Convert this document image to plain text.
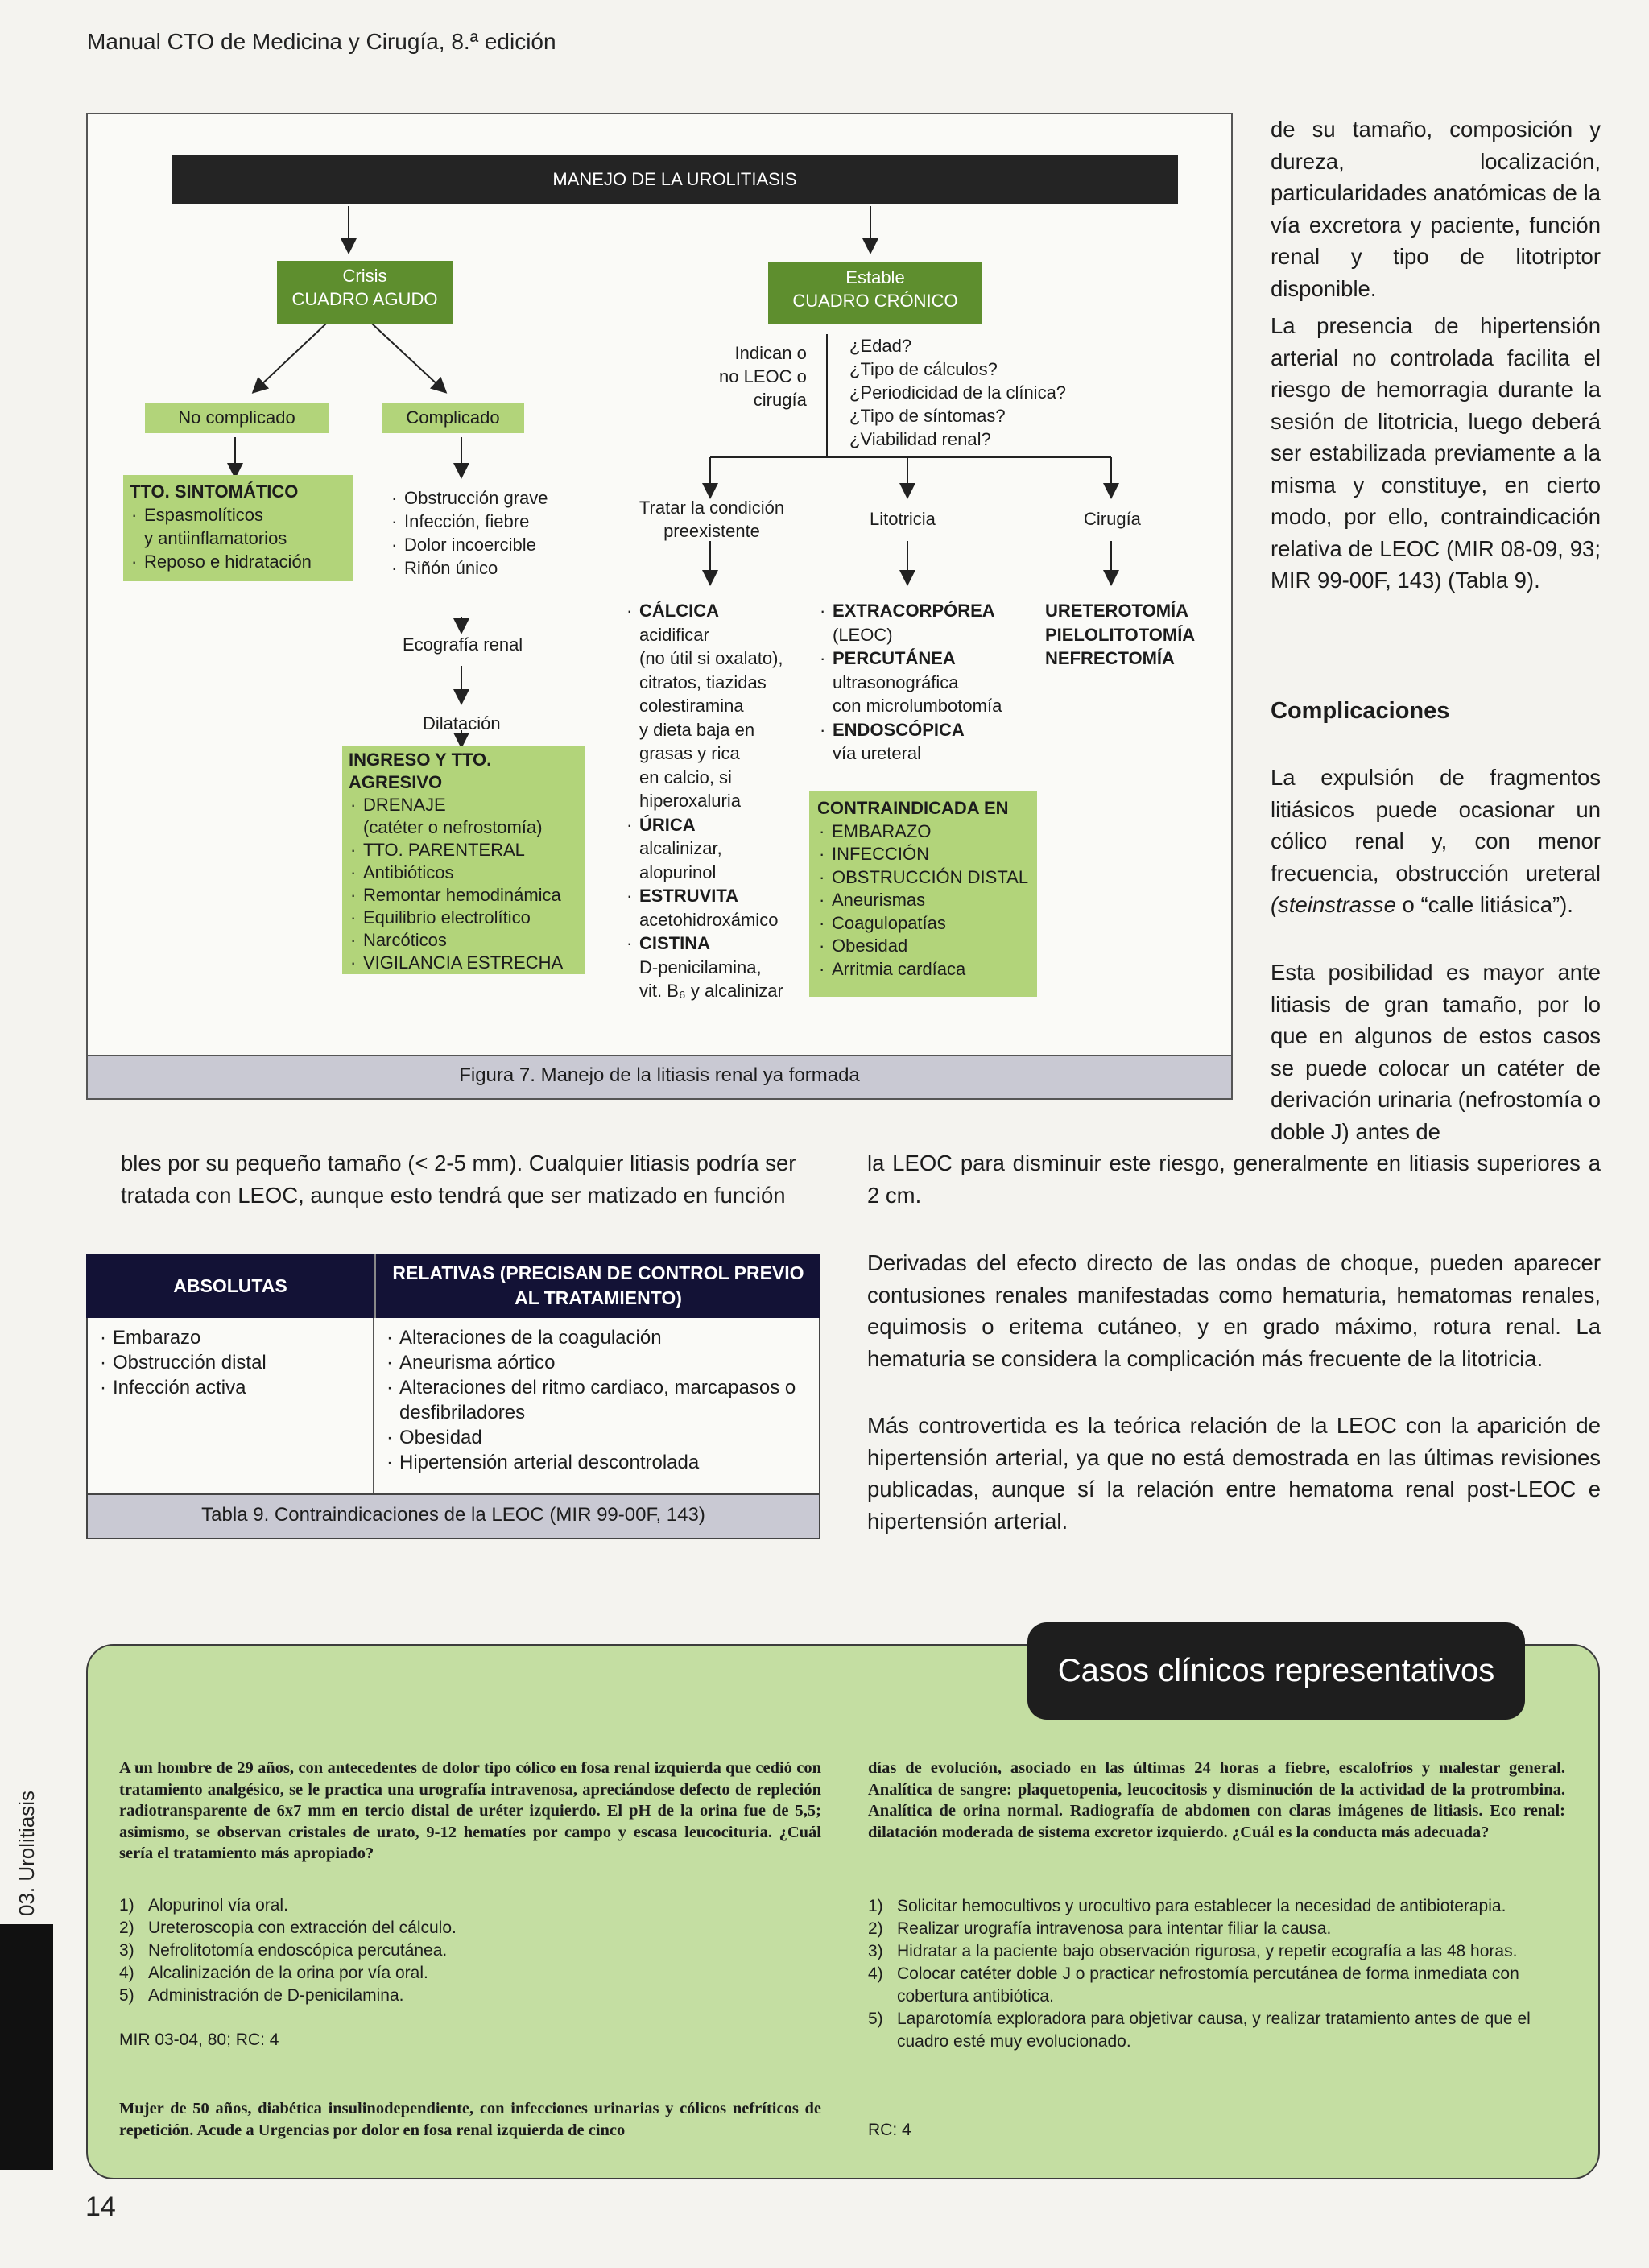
Manual CTO de Medicina y Cirugía, 8.ª edición
MANEJO DE LA UROLITIASIS
Crisis
CUADRO AGUDO
Estable
CUADRO CRÓNICO
No complicado	Complicado
TTO. SINTOMÁTICO
· Espasmolíticos
y antiinflamatorios
· Reposo e hidratación
· Obstrucción grave
· Infección, fiebre
· Dolor incoercible
· Riñón único
Ecografía renal
Dilatación
INGRESO Y TTO. AGRESIVO
· DRENAJE
(catéter o nefrostomía)
· TTO. PARENTERAL
· Antibióticos
· Remontar hemodinámica
· Equilibrio electrolítico
· Narcóticos
· VIGILANCIA ESTRECHA
Indican o
no LEOC o
cirugía
¿Edad?
¿Tipo de cálculos?
¿Periodicidad de la clínica?
¿Tipo de síntomas?
¿Viabilidad renal?
Tratar la condición
preexistente
Litotricia	Cirugía
· CÁLCICA
acidificar
(no útil si oxalato),
citratos, tiazidas
colestiramina
y dieta baja en
grasas y rica
en calcio, si
hiperoxaluria
· ÚRICA
alcalinizar,
alopurinol
· ESTRUVITA
acetohidroxámico
· CISTINA
D-penicilamina,
vit. B₆ y alcalinizar
· EXTRACORPÓREA
(LEOC)
· PERCUTÁNEA
ultrasonográfica
con microlumbotomía
· ENDOSCÓPICA
vía ureteral
URETEROTOMÍA
PIELOLITOTOMÍA
NEFRECTOMÍA
CONTRAINDICADA EN
· EMBARAZO
· INFECCIÓN
· OBSTRUCCIÓN DISTAL
· Aneurismas
· Coagulopatías
· Obesidad
· Arritmia cardíaca
Figura 7. Manejo de la litiasis renal ya formada
bles por su pequeño tamaño (< 2-5 mm). Cualquier litiasis podría ser
tratada con LEOC, aunque esto tendrá que ser matizado en función
ABSOLUTAS
RELATIVAS (PRECISAN DE CONTROL PREVIO AL TRATAMIENTO)
· Embarazo
· Obstrucción distal
· Infección activa
· Alteraciones de la coagulación
· Aneurisma aórtico
· Alteraciones del ritmo cardiaco, marcapasos o desfibriladores
· Obesidad
· Hipertensión arterial descontrolada
Tabla 9. Contraindicaciones de la LEOC (MIR 99-00F, 143)
de su tamaño, composición y dureza, localización, particularidades anatómicas de la vía excretora y paciente, función renal y tipo de litotriptor disponible.
La presencia de hipertensión arterial no controlada facilita el riesgo de hemorragia durante la sesión de litotricia, luego deberá ser estabilizada previamente a la misma y constituye, en cierto modo, por ello, contraindicación relativa de LEOC (MIR 08-09, 93; MIR 99-00F, 143) (Tabla 9).
Complicaciones
La expulsión de fragmentos litiásicos puede ocasionar un cólico renal y, con menor frecuencia, obstrucción ureteral (steinstrasse o “calle litiásica”).
Esta posibilidad es mayor ante litiasis de gran tamaño, por lo que en algunos de estos casos se puede colocar un catéter de derivación urinaria (nefrostomía o doble J) antes de
la LEOC para disminuir este riesgo, generalmente en litiasis superiores a 2 cm.
Derivadas del efecto directo de las ondas de choque, pueden aparecer contusiones renales manifestadas como hematuria, hematomas renales, equimosis o eritema cutáneo, y en grado máximo, rotura renal. La hematuria se considera la complicación más frecuente de la litotricia.
Más controvertida es la teórica relación de la LEOC con la aparición de hipertensión arterial, ya que no está demostrada en las últimas revisiones publicadas, aunque sí la relación entre hematoma renal post-LEOC e hipertensión arterial.
Casos clínicos representativos
A un hombre de 29 años, con antecedentes de dolor tipo cólico en fosa renal izquierda que cedió con tratamiento analgésico, se le practica una urografía intravenosa, apreciándose defecto de repleción radiotransparente de 6x7 mm en tercio distal de uréter izquierdo. El pH de la orina fue de 5,5; asimismo, se observan cristales de urato, 9-12 hematíes por campo y escasa leucocituria. ¿Cuál sería el tratamiento más apropiado?
1) Alopurinol vía oral.
2) Ureteroscopia con extracción del cálculo.
3) Nefrolitotomía endoscópica percutánea.
4) Alcalinización de la orina por vía oral.
5) Administración de D-penicilamina.
MIR 03-04, 80; RC: 4
Mujer de 50 años, diabética insulinodependiente, con infecciones urinarias y cólicos nefríticos de repetición. Acude a Urgencias por dolor en fosa renal izquierda de cinco
días de evolución, asociado en las últimas 24 horas a fiebre, escalofríos y malestar general. Analítica de sangre: plaquetopenia, leucocitosis y disminución de la actividad de la protrombina. Analítica de orina normal. Radiografía de abdomen con claras imágenes de litiasis. Eco renal: dilatación moderada de sistema excretor izquierdo. ¿Cuál es la conducta más adecuada?
1) Solicitar hemocultivos y urocultivo para establecer la necesidad de antibioterapia.
2) Realizar urografía intravenosa para intentar filiar la causa.
3) Hidratar a la paciente bajo observación rigurosa, y repetir ecografía a las 48 horas.
4) Colocar catéter doble J o practicar nefrostomía percutánea de forma inmediata con cobertura antibiótica.
5) Laparotomía exploradora para objetivar causa, y realizar tratamiento antes de que el cuadro esté muy evolucionado.
RC: 4
03. Urolitiasis
14
